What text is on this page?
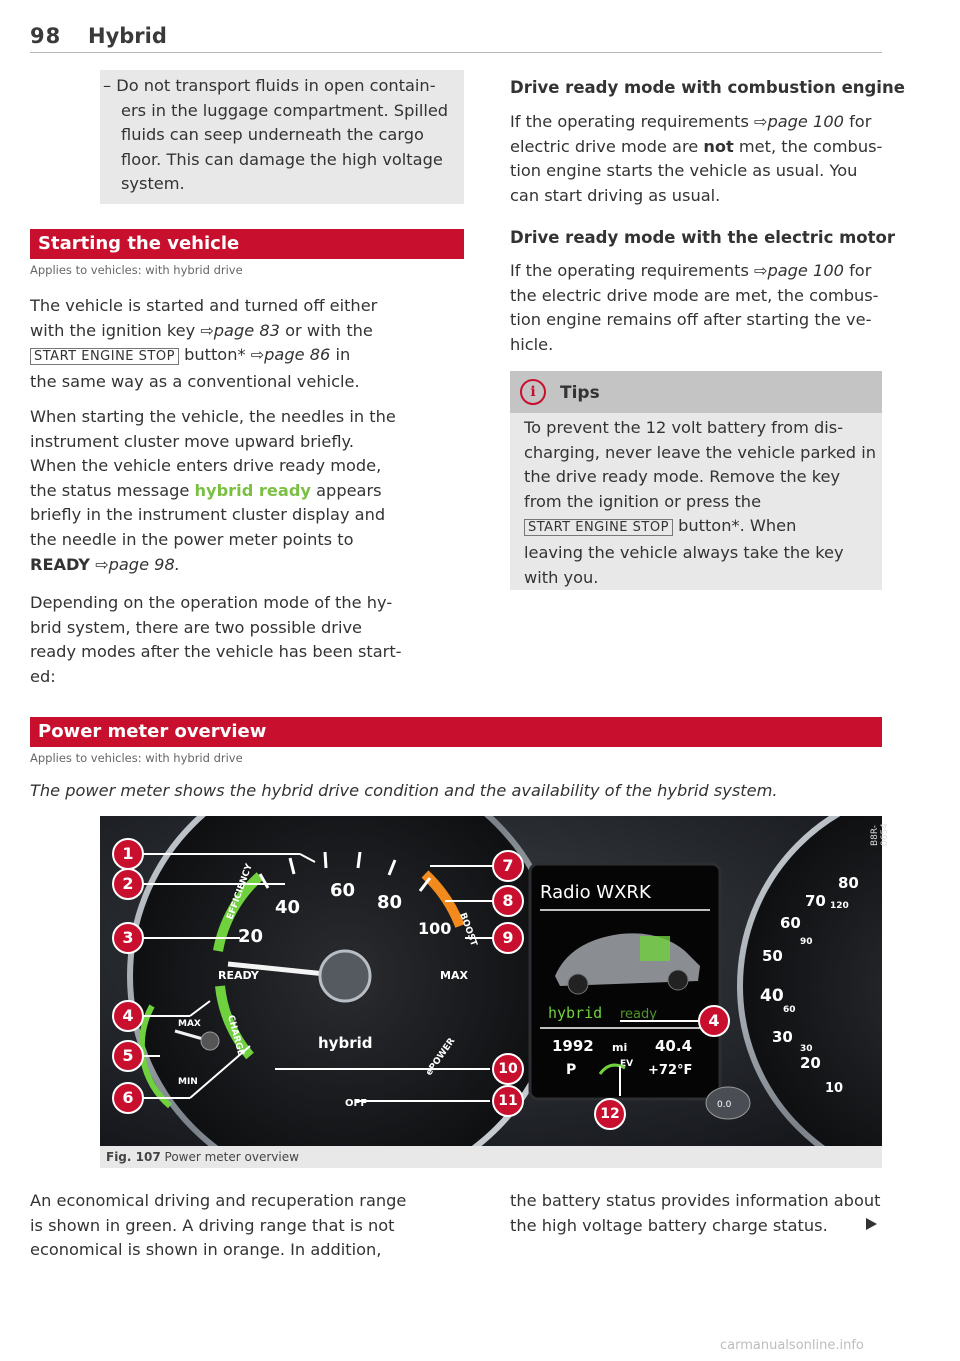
98 Hybrid

– Do not transport fluids in open contain-

ers in the luggage compartment. Spilled

fluids can seep underneath the cargo

floor. This can damage the high voltage

system.

Starting the vehicle
Applies to vehicles: with hybrid drive

The vehicle is started and turned off either

with the ignition key ⇨page 83 or with the

START ENGINE STOP button* ⇨page 86 in

the same way as a conventional vehicle.

When starting the vehicle, the needles in the

instrument cluster move upward briefly.

When the vehicle enters drive ready mode,

the status message hybrid ready appears

briefly in the instrument cluster display and

the needle in the power meter points to

READY ⇨page 98.

Depending on the operation mode of the hy-

brid system, there are two possible drive

ready modes after the vehicle has been start-

ed:

Drive ready mode with combustion engine

If the operating requirements ⇨page 100 for

electric drive mode are not met, the combus-

tion engine starts the vehicle as usual. You

can start driving as usual.

Drive ready mode with the electric motor

If the operating requirements ⇨page 100 for

the electric drive mode are met, the combus-

tion engine remains off after starting the ve-

hicle.

i	Tips

To prevent the 12 volt battery from dis-

charging, never leave the vehicle parked in

the drive ready mode. Remove the key

from the ignition or press the

START ENGINE STOP button*. When

leaving the vehicle always take the key

with you.

Power meter overview
Applies to vehicles: with hybrid drive
The power meter shows the hybrid drive condition and the availability of the hybrid system.
20
40
60
80
100
READY	MAX
hybrid
OFF
EFFICIENCY
CHARGE
BOOST
ePOWER
MIN
MAX
Radio WXRK
hybrid ready
1992 mi 40.4
P	EV +72°F
0.0
80
70 120
60
90
50
40
60
30
30
20
10
1
2
3
4
5
6
7
8
9
10
11
12
4
B8R-0654
Fig. 107 Power meter overview

An economical driving and recuperation range

is shown in green. A driving range that is not

economical is shown in orange. In addition,

the battery status provides information about

the high voltage battery charge status.

carmanualsonline.info
